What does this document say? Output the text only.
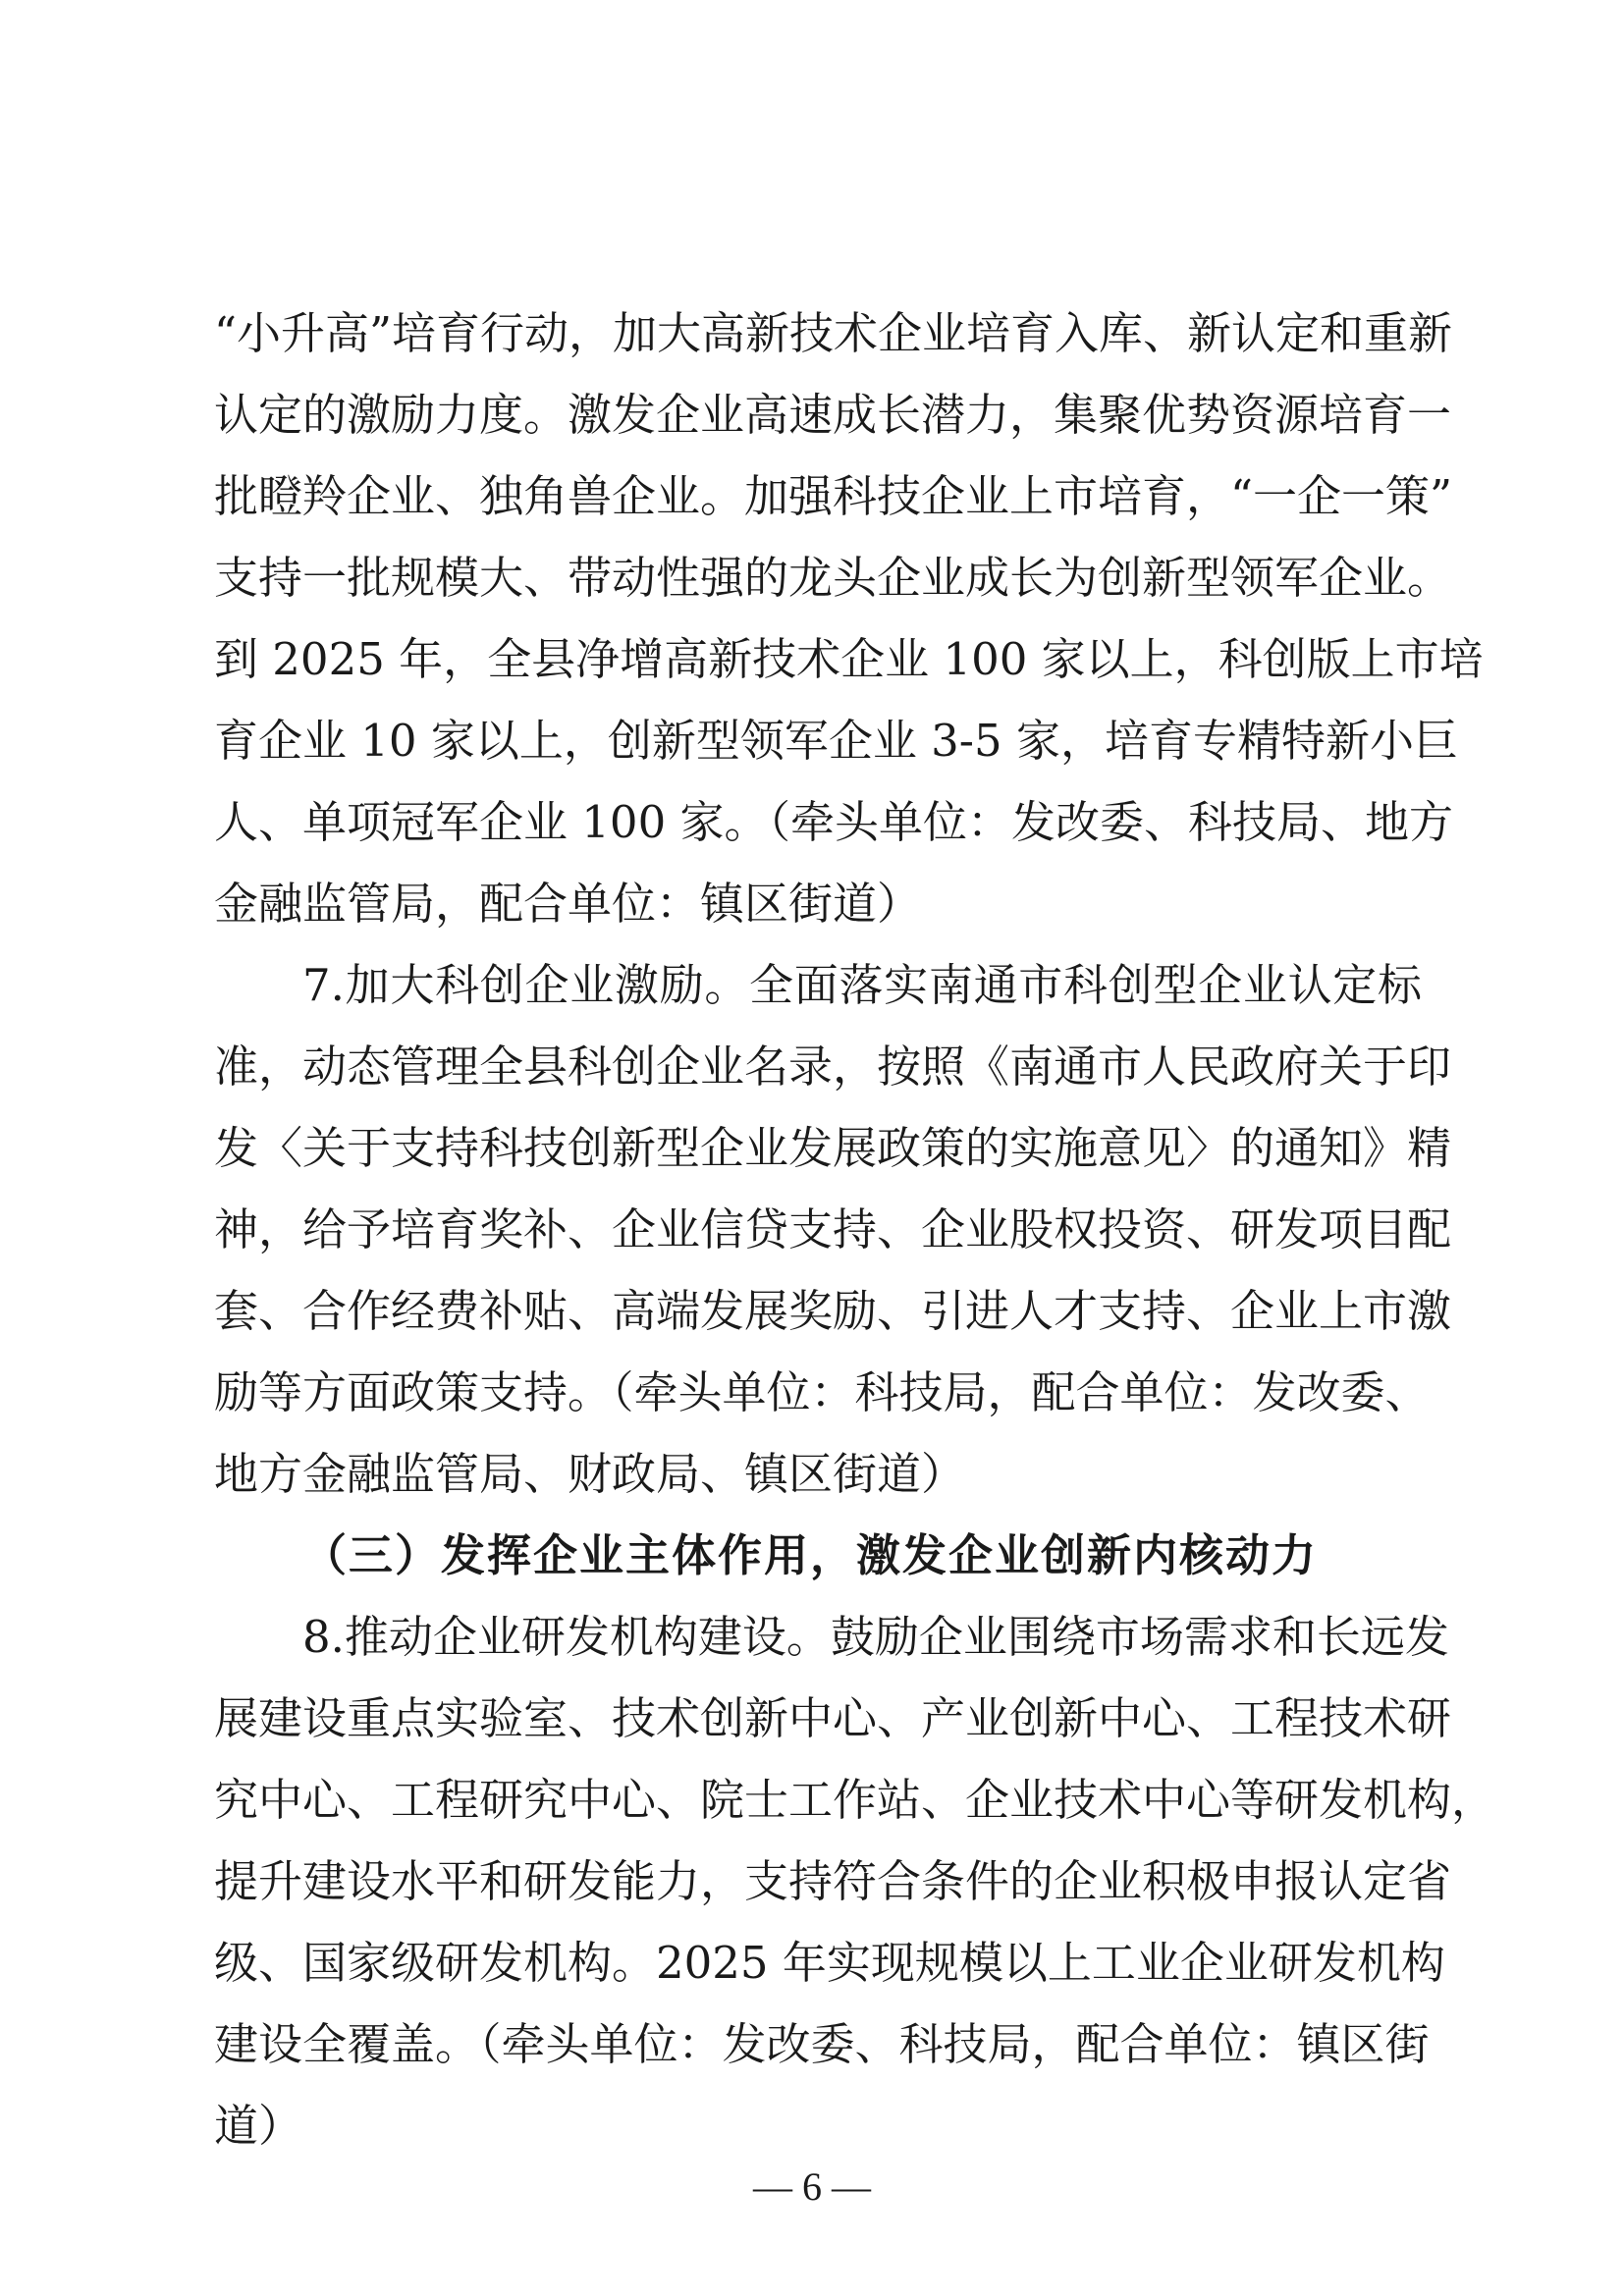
“小升高”培育行动，加大高新技术企业培育入库、新认定和重新
认定的激励力度。激发企业高速成长潜力，集聚优势资源培育一
批瞪羚企业、独角兽企业。加强科技企业上市培育，“一企一策”
支持一批规模大、带动性强的龙头企业成长为创新型领军企业。
到 2025 年，全县净增高新技术企业 100 家以上，科创版上市培
育企业 10 家以上，创新型领军企业 3-5 家，培育专精特新小巨
人、单项冠军企业 100 家。（牵头单位：发改委、科技局、地方
金融监管局，配合单位：镇区街道）
7.加大科创企业激励。全面落实南通市科创型企业认定标
准，动态管理全县科创企业名录，按照《南通市人民政府关于印
发〈关于支持科技创新型企业发展政策的实施意见〉的通知》精
神，给予培育奖补、企业信贷支持、企业股权投资、研发项目配
套、合作经费补贴、高端发展奖励、引进人才支持、企业上市激
励等方面政策支持。（牵头单位：科技局，配合单位：发改委、
地方金融监管局、财政局、镇区街道）
（三）发挥企业主体作用，激发企业创新内核动力
8.推动企业研发机构建设。鼓励企业围绕市场需求和长远发
展建设重点实验室、技术创新中心、产业创新中心、工程技术研
究中心、工程研究中心、院士工作站、企业技术中心等研发机构，
提升建设水平和研发能力，支持符合条件的企业积极申报认定省
级、国家级研发机构。2025 年实现规模以上工业企业研发机构
建设全覆盖。（牵头单位：发改委、科技局，配合单位：镇区街
道）
— 6 —
